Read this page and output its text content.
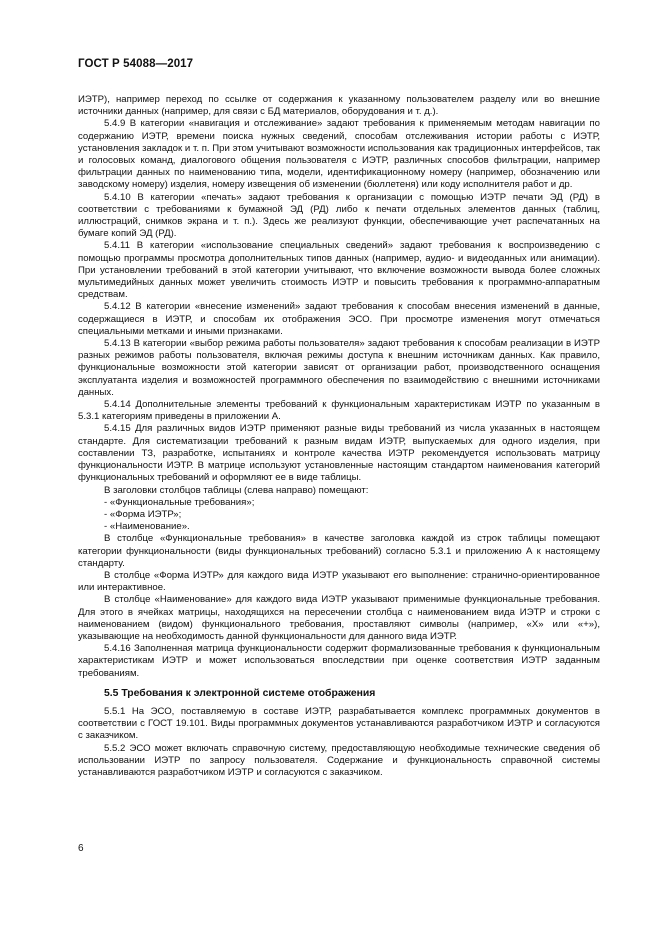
ГОСТ Р 54088—2017

ИЭТР), например переход по ссылке от содержания к указанному пользователем разделу или во внешние источники данных (например, для связи с БД материалов, оборудования и т. д.).

5.4.9 В категории «навигация и отслеживание» задают требования к применяемым методам навигации по содержанию ИЭТР, времени поиска нужных сведений, способам отслеживания истории работы с ИЭТР, установления закладок и т. п. При этом учитывают возможности использования как традиционных интерфейсов, так и голосовых команд, диалогового общения пользователя с ИЭТР, различных способов фильтрации, например фильтрации данных по наименованию типа, модели, идентификационному номеру (например, обозначению или заводскому номеру) изделия, номеру извещения об изменении (бюллетеня) или коду исполнителя работ и др.

5.4.10 В категории «печать» задают требования к организации с помощью ИЭТР печати ЭД (РД) в соответствии с требованиями к бумажной ЭД (РД) либо к печати отдельных элементов данных (таблиц, иллюстраций, снимков экрана и т. п.). Здесь же реализуют функции, обеспечивающие учет распечатанных на бумаге копий ЭД (РД).

5.4.11 В категории «использование специальных сведений» задают требования к воспроизведению с помощью программы просмотра дополнительных типов данных (например, аудио- и видеоданных или анимации). При установлении требований в этой категории учитывают, что включение возможности вывода более сложных мультимедийных данных может увеличить стоимость ИЭТР и повысить требования к программно-аппаратным средствам.

5.4.12 В категории «внесение изменений» задают требования к способам внесения изменений в данные, содержащиеся в ИЭТР, и способам их отображения ЭСО. При просмотре изменения могут отмечаться специальными метками и иными признаками.

5.4.13 В категории «выбор режима работы пользователя» задают требования к способам реализации в ИЭТР разных режимов работы пользователя, включая режимы доступа к внешним источникам данных. Как правило, функциональные возможности этой категории зависят от организации работ, производственного оснащения эксплуатанта изделия и возможностей программного обеспечения по взаимодействию с внешними источниками данных.

5.4.14 Дополнительные элементы требований к функциональным характеристикам ИЭТР по указанным в 5.3.1 категориям приведены в приложении А.

5.4.15 Для различных видов ИЭТР применяют разные виды требований из числа указанных в настоящем стандарте. Для систематизации требований к разным видам ИЭТР, выпускаемых для одного изделия, при составлении ТЗ, разработке, испытаниях и контроле качества ИЭТР рекомендуется использовать матрицу функциональности ИЭТР. В матрице используют установленные настоящим стандартом наименования категорий функциональных требований и оформляют ее в виде таблицы.

В заголовки столбцов таблицы (слева направо) помещают:

- «Функциональные требования»;

- «Форма ИЭТР»;

- «Наименование».

В столбце «Функциональные требования» в качестве заголовка каждой из строк таблицы помещают категории функциональности (виды функциональных требований) согласно 5.3.1 и приложению А к настоящему стандарту.

В столбце «Форма ИЭТР» для каждого вида ИЭТР указывают его выполнение: странично-ориентированное или интерактивное.

В столбце «Наименование» для каждого вида ИЭТР указывают применимые функциональные требования. Для этого в ячейках матрицы, находящихся на пересечении столбца с наименованием вида ИЭТР и строки с наименованием (видом) функционального требования, проставляют символы (например, «X» или «+»), указывающие на необходимость данной функциональности для данного вида ИЭТР.

5.4.16 Заполненная матрица функциональности содержит формализованные требования к функциональным характеристикам ИЭТР и может использоваться впоследствии при оценке соответствия ИЭТР заданным требованиям.

5.5 Требования к электронной системе отображения

5.5.1 На ЭСО, поставляемую в составе ИЭТР, разрабатывается комплекс программных документов в соответствии с ГОСТ 19.101. Виды программных документов устанавливаются разработчиком ИЭТР и согласуются с заказчиком.

5.5.2 ЭСО может включать справочную систему, предоставляющую необходимые технические сведения об использовании ИЭТР по запросу пользователя. Содержание и функциональность справочной системы устанавливаются разработчиком ИЭТР и согласуются с заказчиком.

6
